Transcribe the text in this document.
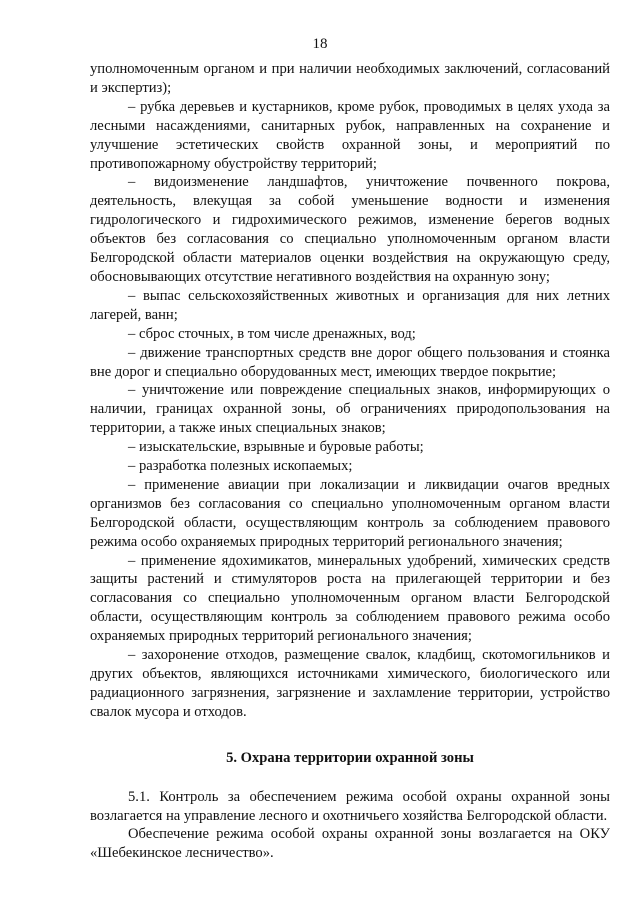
18

уполномоченным органом и при наличии необходимых заключений, согласований и экспертиз);

– рубка деревьев и кустарников, кроме рубок, проводимых в целях ухода за лесными насаждениями, санитарных рубок, направленных на сохранение и улучшение эстетических свойств охранной зоны, и мероприятий по противопожарному обустройству территорий;

– видоизменение ландшафтов, уничтожение почвенного покрова, деятельность, влекущая за собой уменьшение водности и изменения гидрологического и гидрохимического режимов, изменение берегов водных объектов без согласования со специально уполномоченным органом власти Белгородской области материалов оценки воздействия на окружающую среду, обосновывающих отсутствие негативного воздействия на охранную зону;

– выпас сельскохозяйственных животных и организация для них летних лагерей, ванн;

– сброс сточных, в том числе дренажных, вод;

– движение транспортных средств вне дорог общего пользования и стоянка вне дорог и специально оборудованных мест, имеющих твердое покрытие;

– уничтожение или повреждение специальных знаков, информирующих о наличии, границах охранной зоны, об ограничениях природопользования на территории, а также иных специальных знаков;

– изыскательские, взрывные и буровые работы;

– разработка полезных ископаемых;

– применение авиации при локализации и ликвидации очагов вредных организмов без согласования со специально уполномоченным органом власти Белгородской области, осуществляющим контроль за соблюдением правового режима особо охраняемых природных территорий регионального значения;

– применение ядохимикатов, минеральных удобрений, химических средств защиты растений и стимуляторов роста на прилегающей территории и без согласования со специально уполномоченным органом власти Белгородской области, осуществляющим контроль за соблюдением правового режима особо охраняемых природных территорий регионального значения;

– захоронение отходов, размещение свалок, кладбищ, скотомогильников и других объектов, являющихся источниками химического, биологического или радиационного загрязнения, загрязнение и захламление территории, устройство свалок мусора и отходов.

5. Охрана территории охранной зоны

5.1. Контроль за обеспечением режима особой охраны охранной зоны возлагается на управление лесного и охотничьего хозяйства Белгородской области.

Обеспечение режима особой охраны охранной зоны возлагается на ОКУ «Шебекинское лесничество».
